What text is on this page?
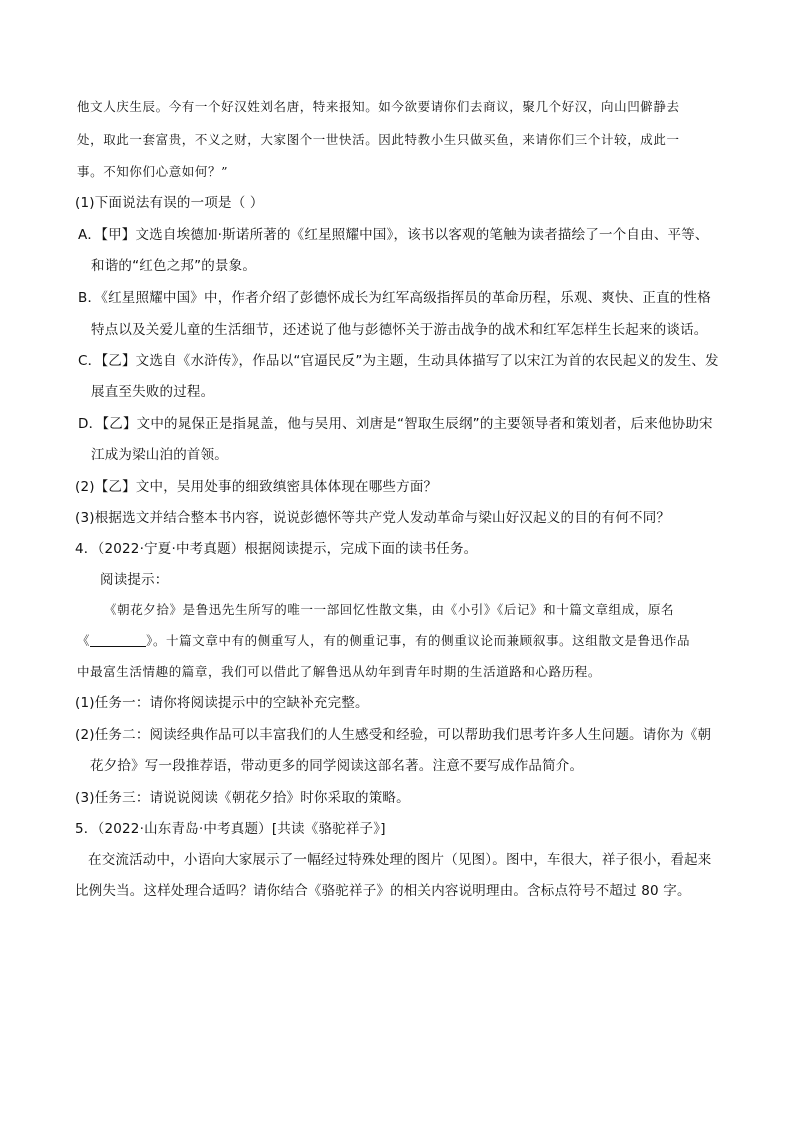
他文人庆生辰。今有一个好汉姓刘名唐，特来报知。如今欲要请你们去商议，聚几个好汉，向山凹僻静去
处，取此一套富贵，不义之财，大家图个一世快活。因此特教小生只做买鱼，来请你们三个计较，成此一
事。不知你们心意如何？”
(1)下面说法有误的一项是（ ）
A．【甲】文选自埃德加·斯诺所著的《红星照耀中国》，该书以客观的笔触为读者描绘了一个自由、平等、
和谐的“红色之邦”的景象。
B．《红星照耀中国》中，作者介绍了彭德怀成长为红军高级指挥员的革命历程，乐观、爽快、正直的性格
特点以及关爱儿童的生活细节，还述说了他与彭德怀关于游击战争的战术和红军怎样生长起来的谈话。
C．【乙】文选自《水浒传》，作品以“官逼民反”为主题，生动具体描写了以宋江为首的农民起义的发生、发
展直至失败的过程。
D．【乙】文中的晁保正是指晁盖，他与吴用、刘唐是“智取生辰纲”的主要领导者和策划者，后来他协助宋
江成为梁山泊的首领。
(2)【乙】文中，吴用处事的细致缜密具体体现在哪些方面？
(3)根据选文并结合整本书内容，说说彭德怀等共产党人发动革命与梁山好汉起义的目的有何不同？
4．（2022·宁夏·中考真题）根据阅读提示，完成下面的读书任务。
阅读提示：
《朝花夕拾》是鲁迅先生所写的唯一一部回忆性散文集，由《小引》《后记》和十篇文章组成，原名
《	》。十篇文章中有的侧重写人，有的侧重记事，有的侧重议论而兼顾叙事。这组散文是鲁迅作品
中最富生活情趣的篇章，我们可以借此了解鲁迅从幼年到青年时期的生活道路和心路历程。
(1)任务一：请你将阅读提示中的空缺补充完整。
(2)任务二：阅读经典作品可以丰富我们的人生感受和经验，可以帮助我们思考许多人生问题。请你为《朝
花夕拾》写一段推荐语，带动更多的同学阅读这部名著。注意不要写成作品简介。
(3)任务三：请说说阅读《朝花夕拾》时你采取的策略。
5．（2022·山东青岛·中考真题）[共读《骆驼祥子》]
在交流活动中，小语向大家展示了一幅经过特殊处理的图片（见图）。图中，车很大，祥子很小，看起来
比例失当。这样处理合适吗？请你结合《骆驼祥子》的相关内容说明理由。含标点符号不超过 80 字。
